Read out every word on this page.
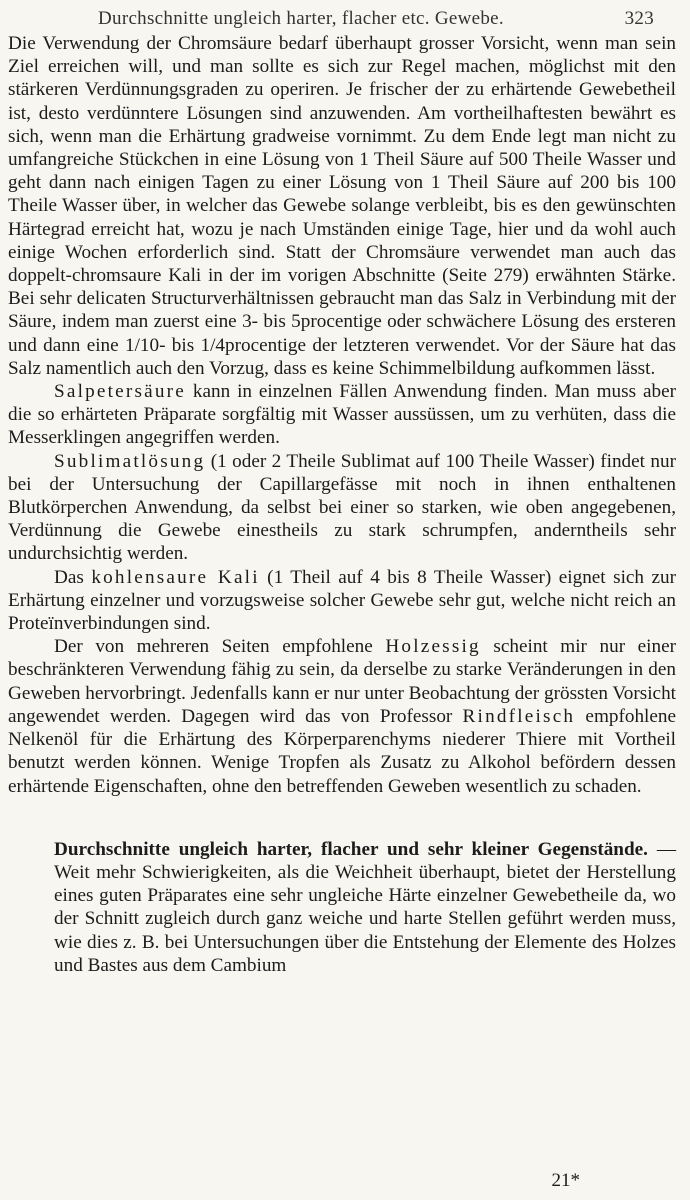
Durchschnitte ungleich harter, flacher etc. Gewebe.	323

Die Verwendung der Chromsäure bedarf überhaupt grosser Vorsicht, wenn man sein Ziel erreichen will, und man sollte es sich zur Regel machen, möglichst mit den stärkeren Verdünnungsgraden zu operiren. Je frischer der zu erhärtende Gewebetheil ist, desto verdünntere Lösungen sind anzuwenden. Am vortheilhaftesten bewährt es sich, wenn man die Erhärtung gradweise vornimmt. Zu dem Ende legt man nicht zu umfangreiche Stückchen in eine Lösung von 1 Theil Säure auf 500 Theile Wasser und geht dann nach einigen Tagen zu einer Lösung von 1 Theil Säure auf 200 bis 100 Theile Wasser über, in welcher das Gewebe solange verbleibt, bis es den gewünschten Härtegrad erreicht hat, wozu je nach Umständen einige Tage, hier und da wohl auch einige Wochen erforderlich sind. Statt der Chromsäure verwendet man auch das doppelt-chromsaure Kali in der im vorigen Abschnitte (Seite 279) erwähnten Stärke. Bei sehr delicaten Structurverhältnissen gebraucht man das Salz in Verbindung mit der Säure, indem man zuerst eine 3- bis 5procentige oder schwächere Lösung des ersteren und dann eine 1/10- bis 1/4procentige der letzteren verwendet. Vor der Säure hat das Salz namentlich auch den Vorzug, dass es keine Schimmelbildung aufkommen lässt.

Salpetersäure kann in einzelnen Fällen Anwendung finden. Man muss aber die so erhärteten Präparate sorgfältig mit Wasser aussüssen, um zu verhüten, dass die Messerklingen angegriffen werden.

Sublimatlösung (1 oder 2 Theile Sublimat auf 100 Theile Wasser) findet nur bei der Untersuchung der Capillargefässe mit noch in ihnen enthaltenen Blutkörperchen Anwendung, da selbst bei einer so starken, wie oben angegebenen, Verdünnung die Gewebe einestheils zu stark schrumpfen, anderntheils sehr undurchsichtig werden.

Das kohlensaure Kali (1 Theil auf 4 bis 8 Theile Wasser) eignet sich zur Erhärtung einzelner und vorzugsweise solcher Gewebe sehr gut, welche nicht reich an Proteïnverbindungen sind.

Der von mehreren Seiten empfohlene Holzessig scheint mir nur einer beschränkteren Verwendung fähig zu sein, da derselbe zu starke Veränderungen in den Geweben hervorbringt. Jedenfalls kann er nur unter Beobachtung der grössten Vorsicht angewendet werden. Dagegen wird das von Professor Rindfleisch empfohlene Nelkenöl für die Erhärtung des Körperparenchyms niederer Thiere mit Vortheil benutzt werden können. Wenige Tropfen als Zusatz zu Alkohol befördern dessen erhärtende Eigenschaften, ohne den betreffenden Geweben wesentlich zu schaden.

Durchschnitte ungleich harter, flacher und sehr kleiner Gegenstände. — Weit mehr Schwierigkeiten, als die Weichheit überhaupt, bietet der Herstellung eines guten Präparates eine sehr ungleiche Härte einzelner Gewebetheile da, wo der Schnitt zugleich durch ganz weiche und harte Stellen geführt werden muss, wie dies z. B. bei Untersuchungen über die Entstehung der Elemente des Holzes und Bastes aus dem Cambium

21*
